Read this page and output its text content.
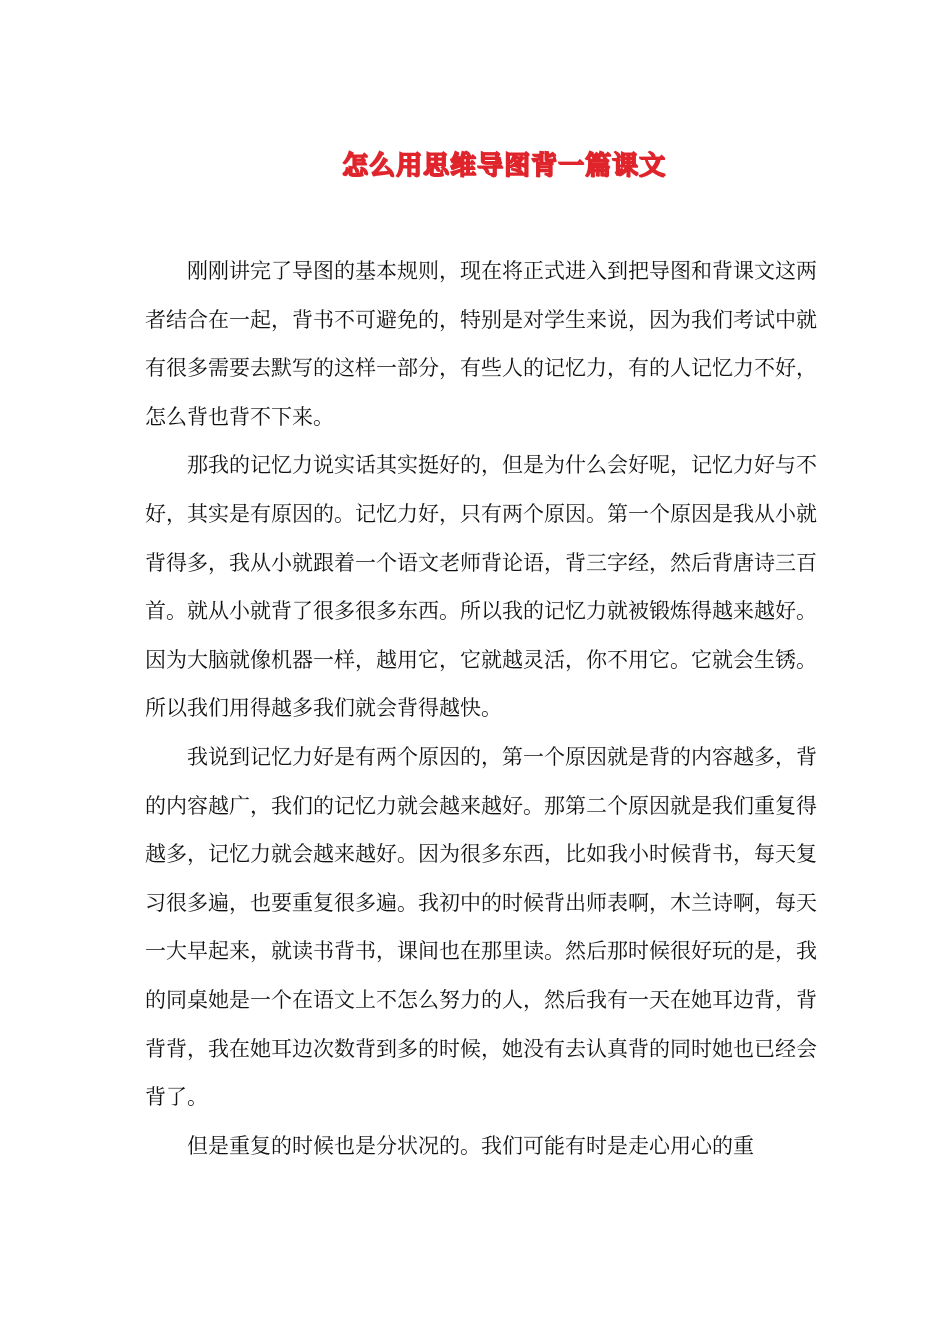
怎么用思维导图背一篇课文

刚刚讲完了导图的基本规则，现在将正式进入到把导图和背课文这两者结合在一起，背书不可避免的，特别是对学生来说，因为我们考试中就有很多需要去默写的这样一部分，有些人的记忆力，有的人记忆力不好，怎么背也背不下来。

那我的记忆力说实话其实挺好的，但是为什么会好呢，记忆力好与不好，其实是有原因的。记忆力好，只有两个原因。第一个原因是我从小就背得多，我从小就跟着一个语文老师背论语，背三字经，然后背唐诗三百首。就从小就背了很多很多东西。所以我的记忆力就被锻炼得越来越好。因为大脑就像机器一样，越用它，它就越灵活，你不用它。它就会生锈。所以我们用得越多我们就会背得越快。

我说到记忆力好是有两个原因的，第一个原因就是背的内容越多，背的内容越广，我们的记忆力就会越来越好。那第二个原因就是我们重复得越多，记忆力就会越来越好。因为很多东西，比如我小时候背书，每天复习很多遍，也要重复很多遍。我初中的时候背出师表啊，木兰诗啊，每天一大早起来，就读书背书，课间也在那里读。然后那时候很好玩的是，我的同桌她是一个在语文上不怎么努力的人，然后我有一天在她耳边背，背背背，我在她耳边次数背到多的时候，她没有去认真背的同时她也已经会背了。

但是重复的时候也是分状况的。我们可能有时是走心用心的重
